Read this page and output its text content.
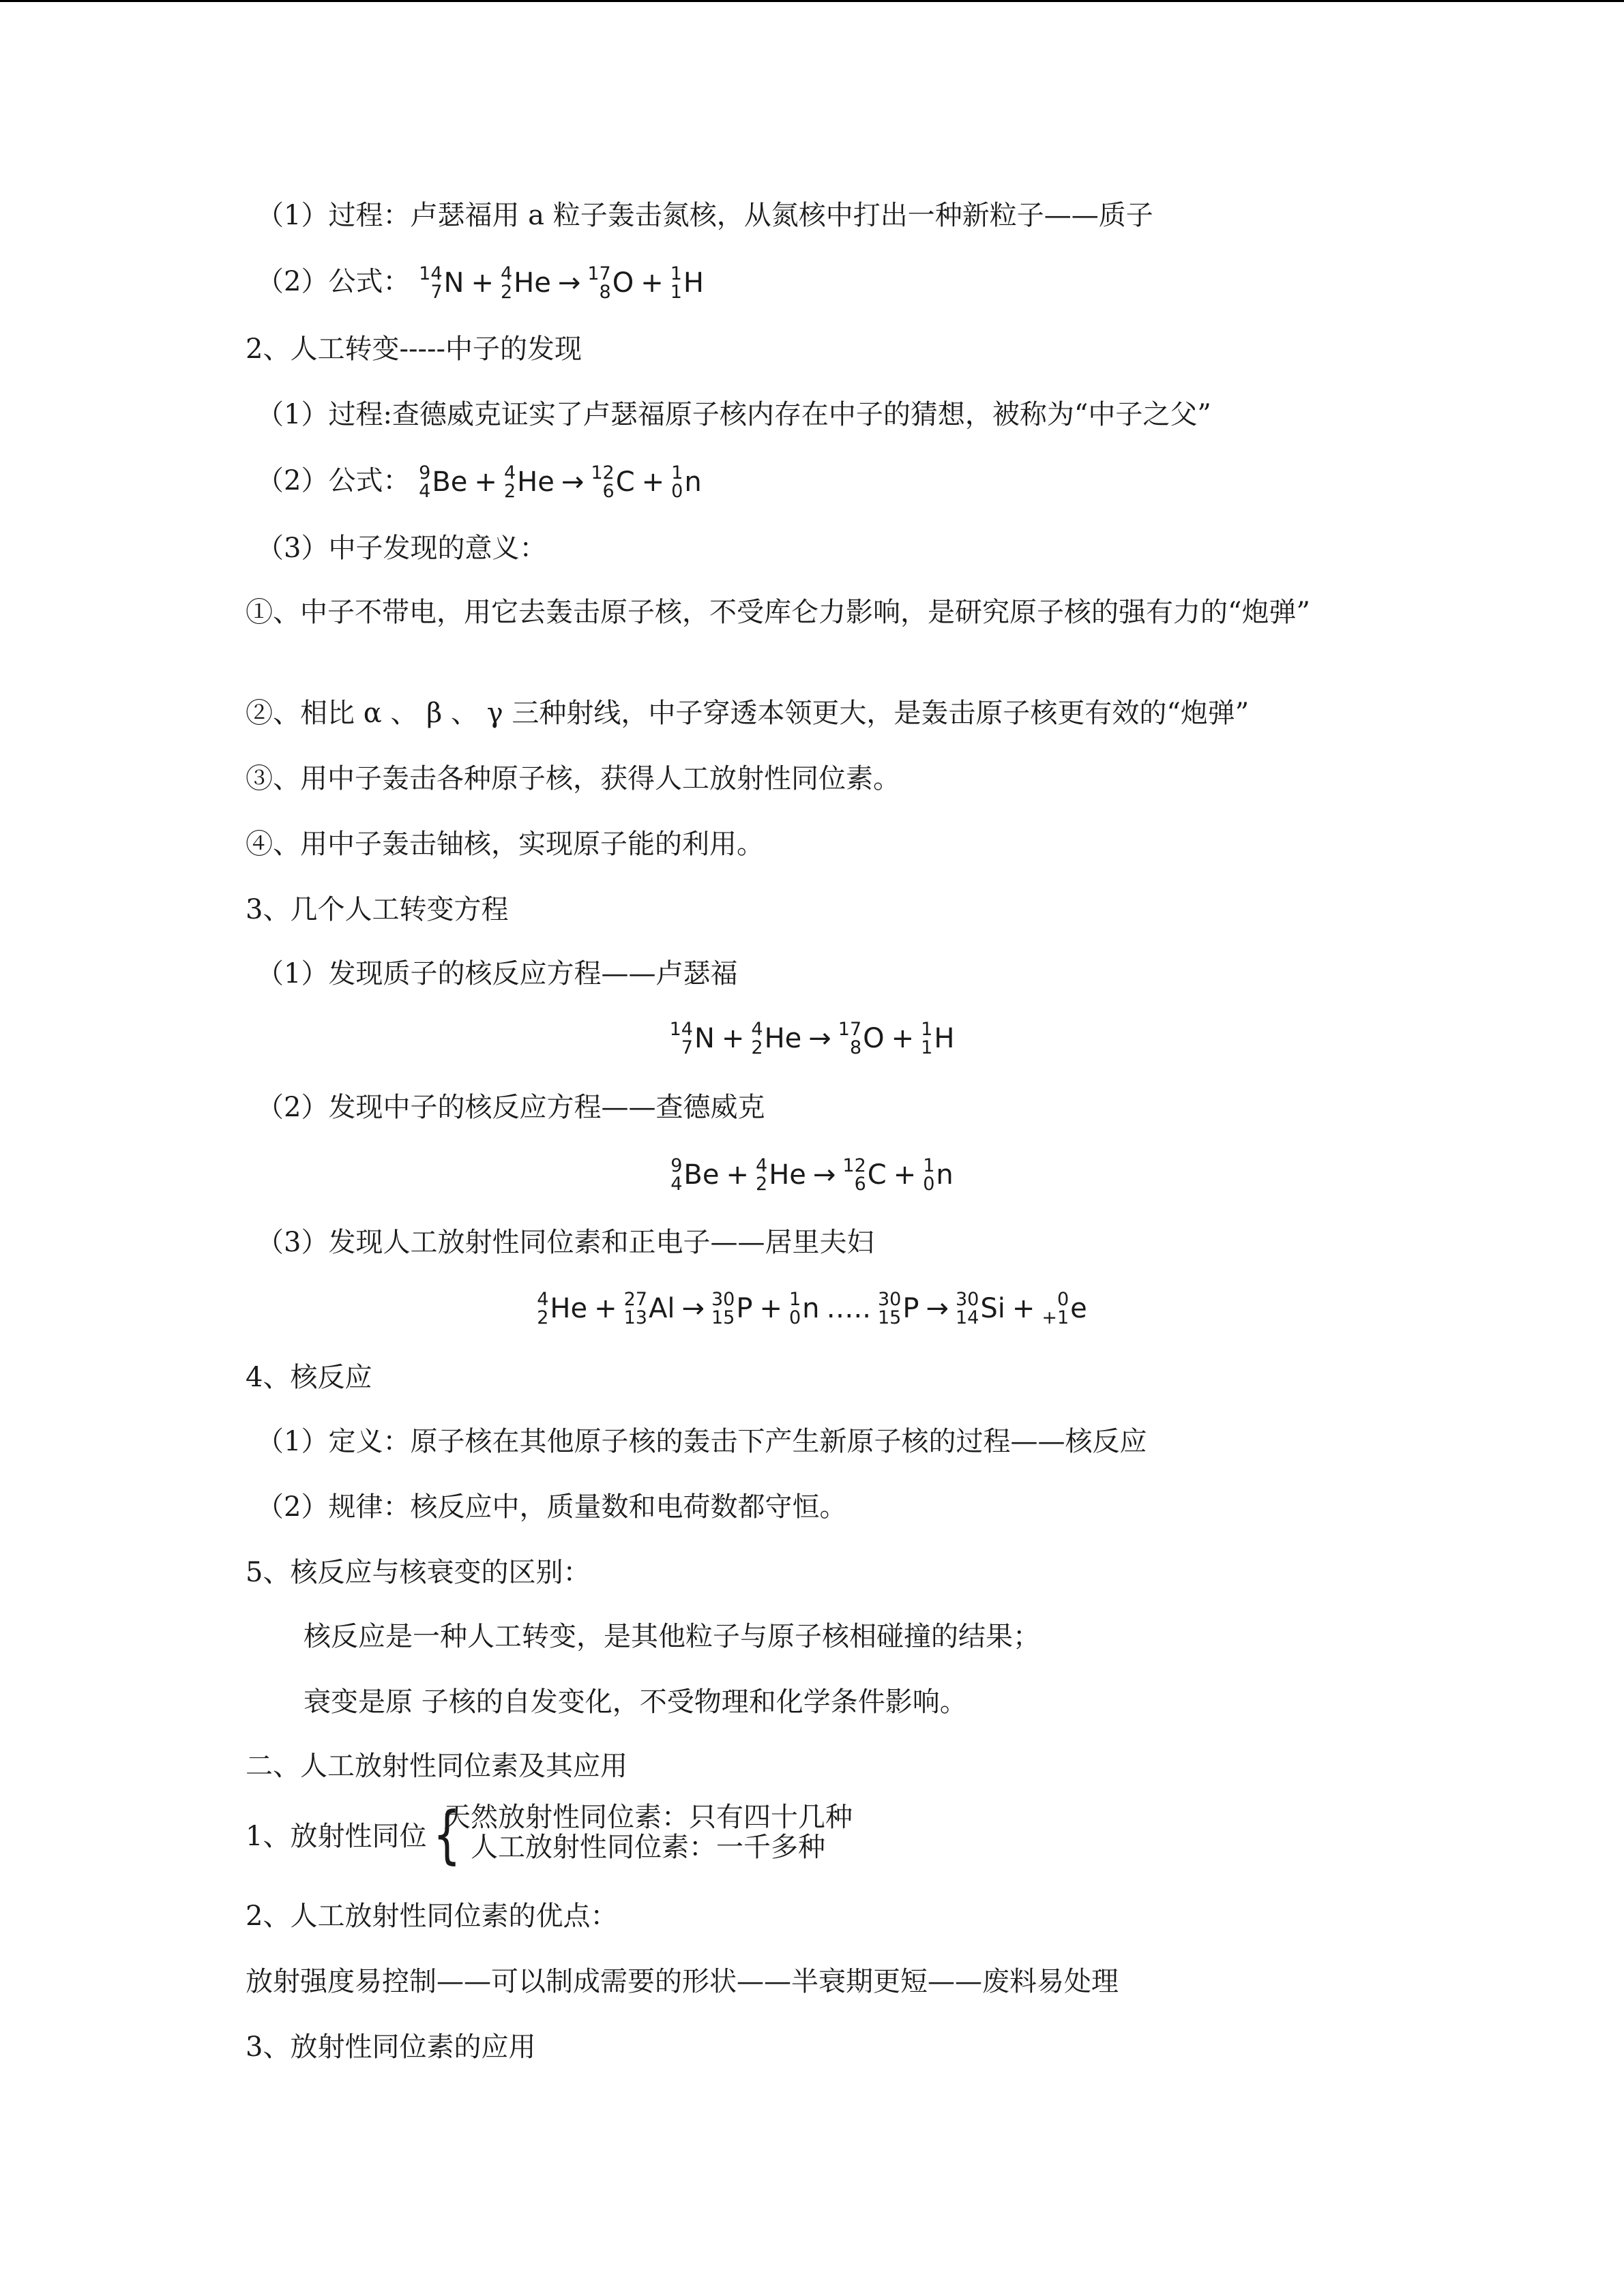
（1）过程：卢瑟福用 a 粒子轰击氮核，从氮核中打出一种新粒子——质子
（2）公式： 14
7 N + 4
2 He → 17
8 O + 1
1 H
2、人工转变-----中子的发现
（1）过程:查德威克证实了卢瑟福原子核内存在中子的猜想，被称为“中子之父”
（2）公式： 9
4 Be + 4
2 He → 12
6 C + 1
0 n
（3）中子发现的意义：
①、中子不带电，用它去轰击原子核，不受库仑力影响，是研究原子核的强有力的“炮弹”
②、相比 α 、 β 、 γ 三种射线，中子穿透本领更大，是轰击原子核更有效的“炮弹”
③、用中子轰击各种原子核，获得人工放射性同位素。
④、用中子轰击铀核，实现原子能的利用。
3、几个人工转变方程
（1）发现质子的核反应方程——卢瑟福
14
7 N + 4
2 He → 17
8 O + 1
1 H
（2）发现中子的核反应方程——查德威克
9
4 Be + 4
2 He → 12
6 C + 1
0 n
（3）发现人工放射性同位素和正电子——居里夫妇
4
2 He + 27
13 Al → 30
15 P + 1
0 n ….. 30
15 P → 30
14 Si + 0
+1 e
4、核反应
（1）定义：原子核在其他原子核的轰击下产生新原子核的过程——核反应
（2）规律：核反应中，质量数和电荷数都守恒。
5、核反应与核衰变的区别：
核反应是一种人工转变，是其他粒子与原子核相碰撞的结果；
衰变是原 子核的自发变化，不受物理和化学条件影响。
二、人工放射性同位素及其应用
1、放射性同位 {
天然放射性同位素：只有四十几种
人工放射性同位素：一千多种
2、人工放射性同位素的优点：
放射强度易控制——可以制成需要的形状——半衰期更短——废料易处理
3、放射性同位素的应用
